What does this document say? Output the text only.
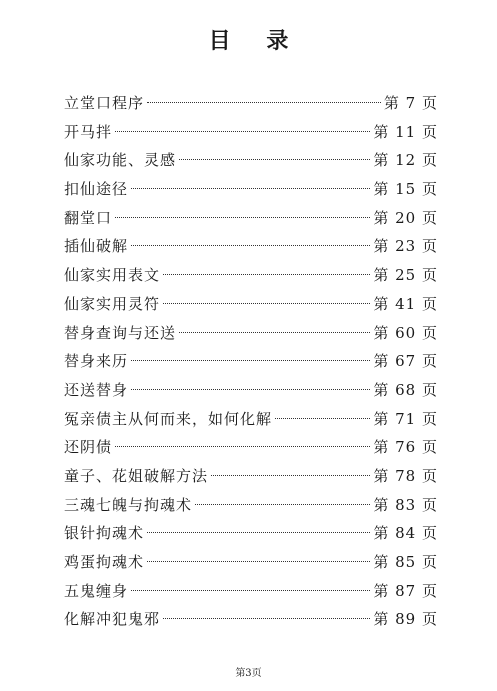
目 录
立堂口程序	第 7 页
开马拌	第 11 页
仙家功能、灵感	第 12 页
扣仙途径	第 15 页
翻堂口	第 20 页
插仙破解	第 23 页
仙家实用表文	第 25 页
仙家实用灵符	第 41 页
替身查询与还送	第 60 页
替身来历	第 67 页
还送替身	第 68 页
冤亲债主从何而来，如何化解	第 71 页
还阴债	第 76 页
童子、花姐破解方法	第 78 页
三魂七魄与拘魂术	第 83 页
银针拘魂术	第 84 页
鸡蛋拘魂术	第 85 页
五鬼缠身	第 87 页
化解冲犯鬼邪	第 89 页
第3页
